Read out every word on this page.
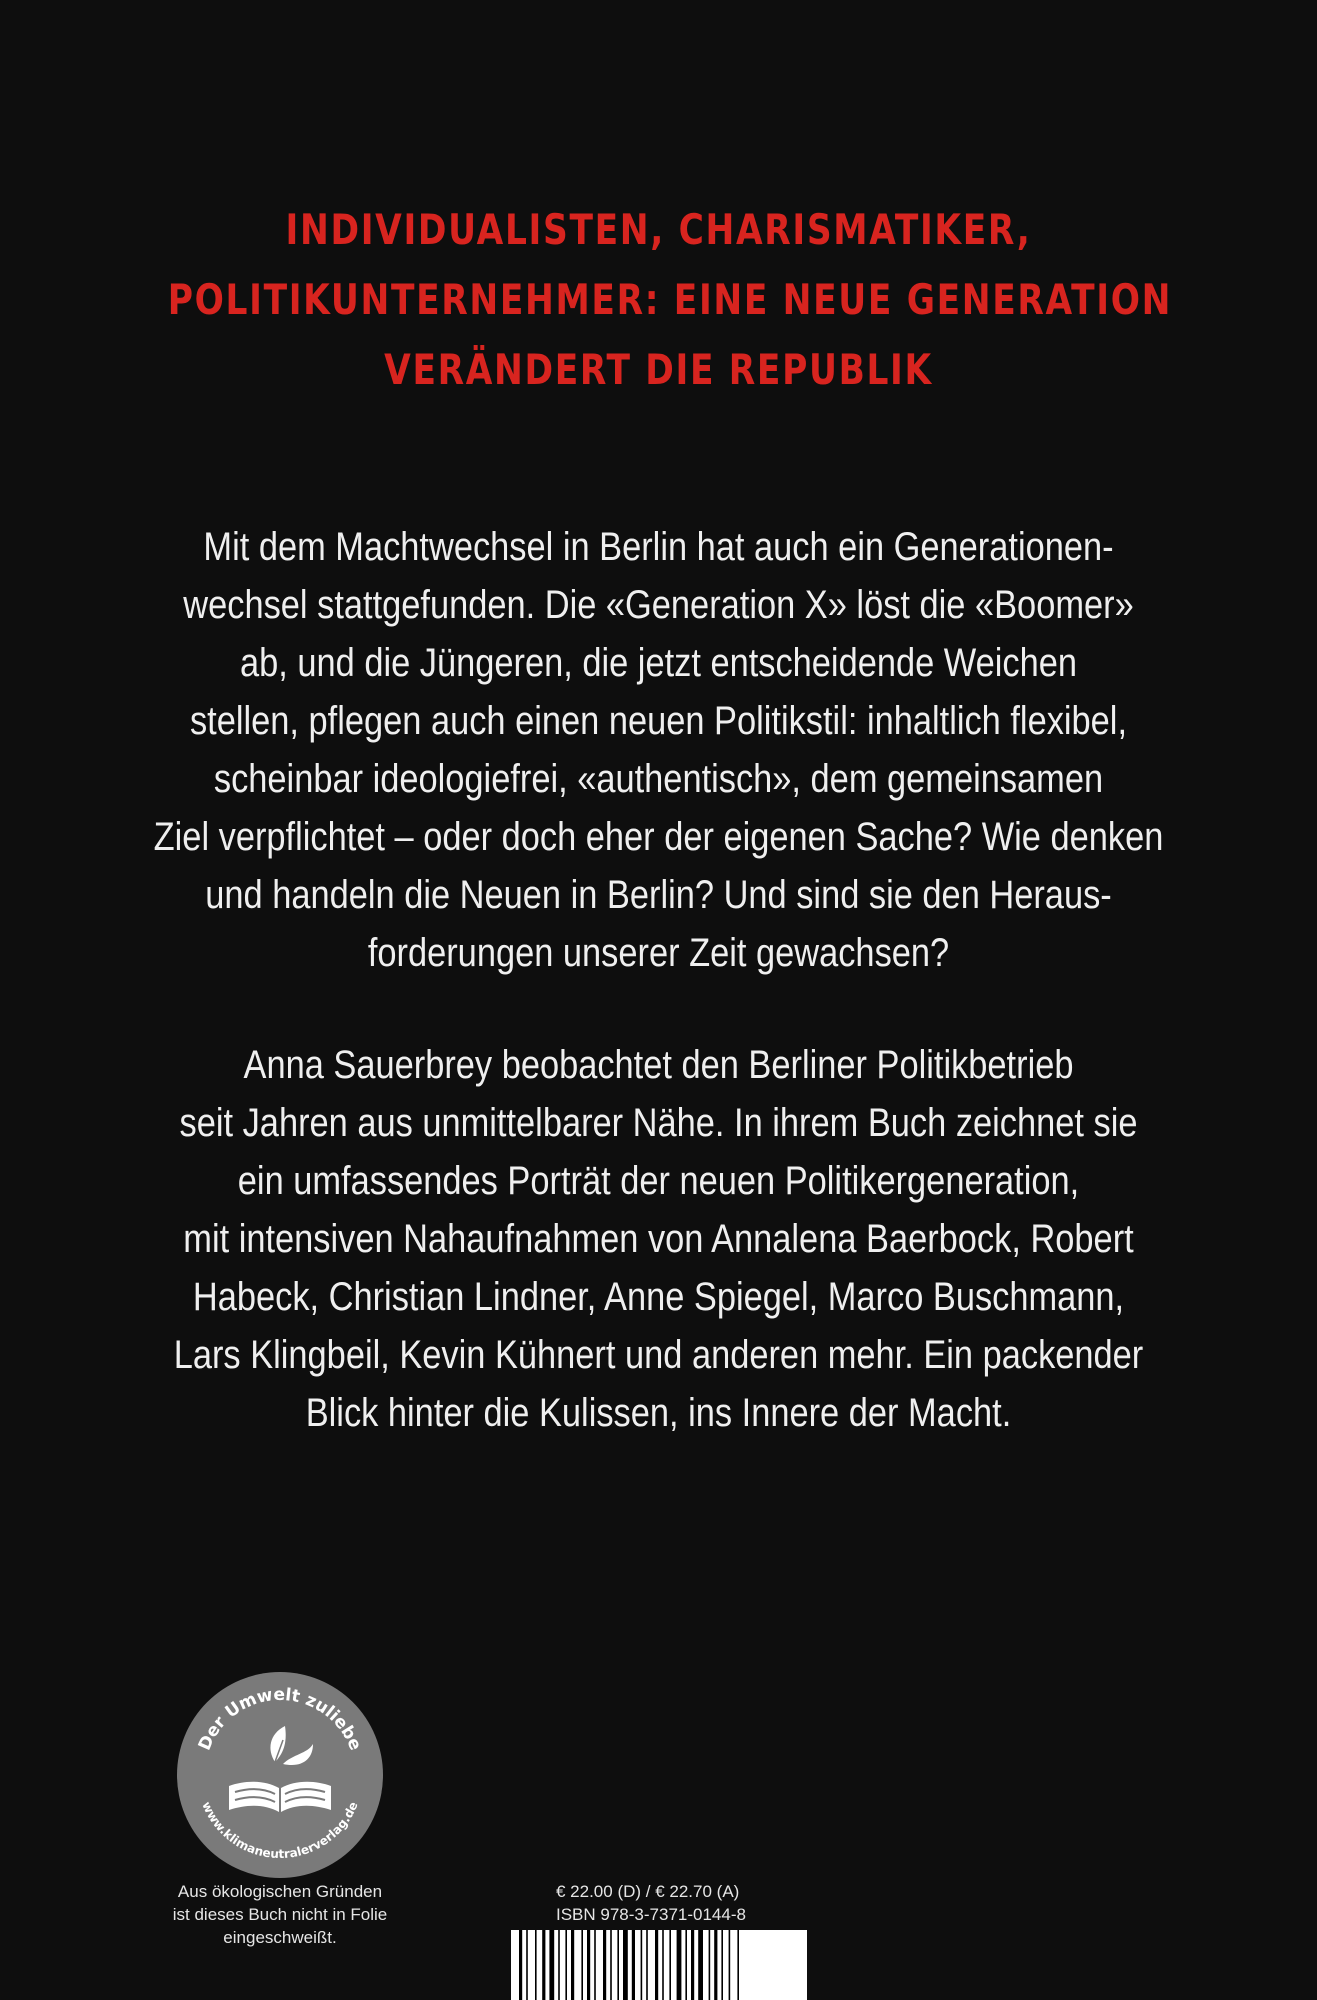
INDIVIDUALISTEN, CHARISMATIKER,
POLITIKUNTERNEHMER: EINE NEUE GENERATION
VERÄNDERT DIE REPUBLIK
Mit dem Machtwechsel in Berlin hat auch ein Generationen-
wechsel stattgefunden. Die «Generation X» löst die «Boomer»
ab, und die Jüngeren, die jetzt entscheidende Weichen
stellen, pflegen auch einen neuen Politikstil: inhaltlich flexibel,
scheinbar ideologiefrei, «authentisch», dem gemeinsamen
Ziel verpflichtet – oder doch eher der eigenen Sache? Wie denken
und handeln die Neuen in Berlin? Und sind sie den Heraus-
forderungen unserer Zeit gewachsen?
Anna Sauerbrey beobachtet den Berliner Politikbetrieb
seit Jahren aus unmittelbarer Nähe. In ihrem Buch zeichnet sie
ein umfassendes Porträt der neuen Politikergeneration,
mit intensiven Nahaufnahmen von Annalena Baerbock, Robert
Habeck, Christian Lindner, Anne Spiegel, Marco Buschmann,
Lars Klingbeil, Kevin Kühnert und anderen mehr. Ein packender
Blick hinter die Kulissen, ins Innere der Macht.
Der Umwelt zuliebe
www.klimaneutralerverlag.de
Aus ökologischen Gründen
ist dieses Buch nicht in Folie
eingeschweißt.
€ 22.00 (D) / € 22.70 (A)
ISBN 978-3-7371-0144-8
